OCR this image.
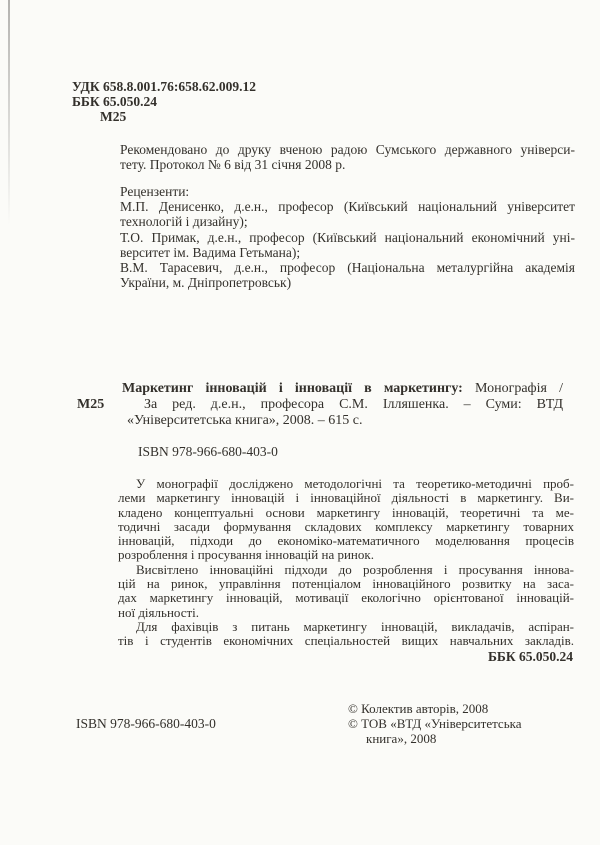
УДК 658.8.001.76:658.62.009.12
ББК 65.050.24
М25
Рекомендовано до друку вченою радою Сумського державного універси-
тету. Протокол № 6 від 31 січня 2008 р.
Рецензенти:
М.П. Денисенко, д.е.н., професор (Київський національний університет
технологій і дизайну);
Т.О. Примак, д.е.н., професор (Київський національний економічний уні-
верситет ім. Вадима Гетьмана);
В.М. Тарасевич, д.е.н., професор (Національна металургійна академія
України, м. Дніпропетровськ)
М25
Маркетинг інновацій і інновації в маркетингу: Монографія /
За ред. д.е.н., професора С.М. Ілляшенка. – Суми: ВТД
«Університетська книга», 2008. – 615 с.
ISBN 978-966-680-403-0
У монографії досліджено методологічні та теоретико-методичні проб-
леми маркетингу інновацій і інноваційної діяльності в маркетингу. Ви-
кладено концептуальні основи маркетингу інновацій, теоретичні та ме-
тодичні засади формування складових комплексу маркетингу товарних
інновацій, підходи до економіко-математичного моделювання процесів
розроблення і просування інновацій на ринок.
Висвітлено інноваційні підходи до розроблення і просування іннова-
цій на ринок, управління потенціалом інноваційного розвитку на заса-
дах маркетингу інновацій, мотивації екологічно орієнтованої інновацій-
ної діяльності.
Для фахівців з питань маркетингу інновацій, викладачів, аспіран-
тів і студентів економічних спеціальностей вищих навчальних закладів.
ББК 65.050.24
ISBN 978-966-680-403-0
© Колектив авторів, 2008
© ТОВ «ВТД «Університетська
книга», 2008
